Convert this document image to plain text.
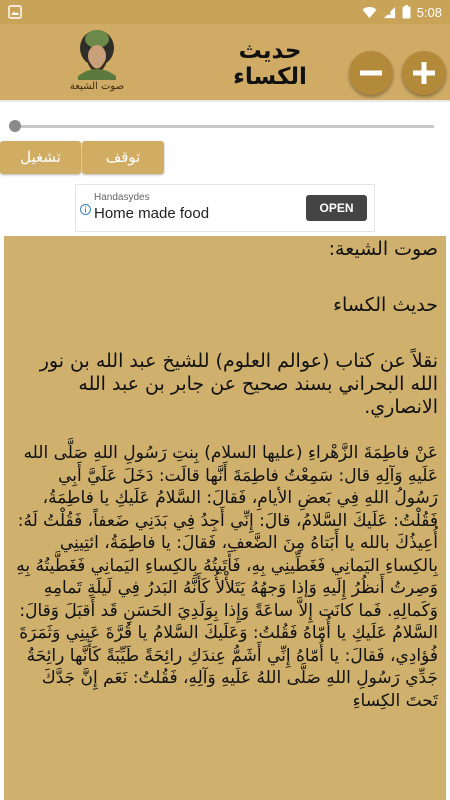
5:08
حديث الكساء
صوت الشيعة
تشغيل	توقف
Handasydes
Home made food	OPEN

صوت الشيعة:

حديث الكساء

نقلاً عن كتاب (عوالم العلوم) للشيخ عبد الله بن نور الله البحراني بسند صحيح عن جابر بن عبد الله الانصاري.

عَنْ فاطِمَةَ الزَّهْراءِ (عليها السلام) بِنتِ رَسُولِ اللهِ صَلَّى الله عَلَيهِ وَآلِهِ قال: سَمِعْتُ فاطِمَةَ أَنَّها قالَت: دَخَلَ عَلَيَّ أَبِي رَسُولُ اللهِ فِي بَعضِ الأيامِ، فَقالَ: السَّلامُ عَلَيكِ يا فاطِمَةُ، فَقُلْتُ: عَلَيكَ السَّلامُ، قالَ: إِنِّي أَجِدُ فِي بَدَنِي ضَعفاً، فَقُلْتُ لَهُ: أُعِيذُكَ بالله يا أَبَتاهُ مِنَ الضَّعفِ، فَقالَ: يا فاطِمَةُ، ائتِينِي بِالكِساءِ اليَمانِي فَغَطِّينِي بِهِ، فَأَتَيتُهُ بِالكِساءِ اليَمانِي فَغَطَّيتُهُ بِهِ وَصِرتُ أَنظُرُ إِلَيهِ وَإذا وَجهُهُ يَتَلأْلأُ كَأَنَّهُ البَدرُ فِي لَيلَةِ تَمامِهِ وَكَمالِهِ. فَما كانَت إِلاَّ ساعَةً وَإِذا بِوَلَدِيَ الحَسَنِ قَد أَقبَلَ وَقالَ: السَّلامُ عَلَيكِ يا أُمّاهُ فَقُلتُ: وَعَلَيكَ السَّلامُ يا قُرَّةَ عَينِي وَثَمَرَةَ فُؤادِي، فَقالَ: يا أُمّاهُ إِنِّي أَشَمُّ عِندَكِ رائِحَةً طَيِّبَةً كَأَنَّها رائِحَةُ جَدِّي رَسُولِ اللهِ صَلَّى اللهُ عَلَيهِ وَآلِهِ، فَقُلتُ: نَعَم إِنَّ جَدَّكَ تَحتَ الكِساءِ
